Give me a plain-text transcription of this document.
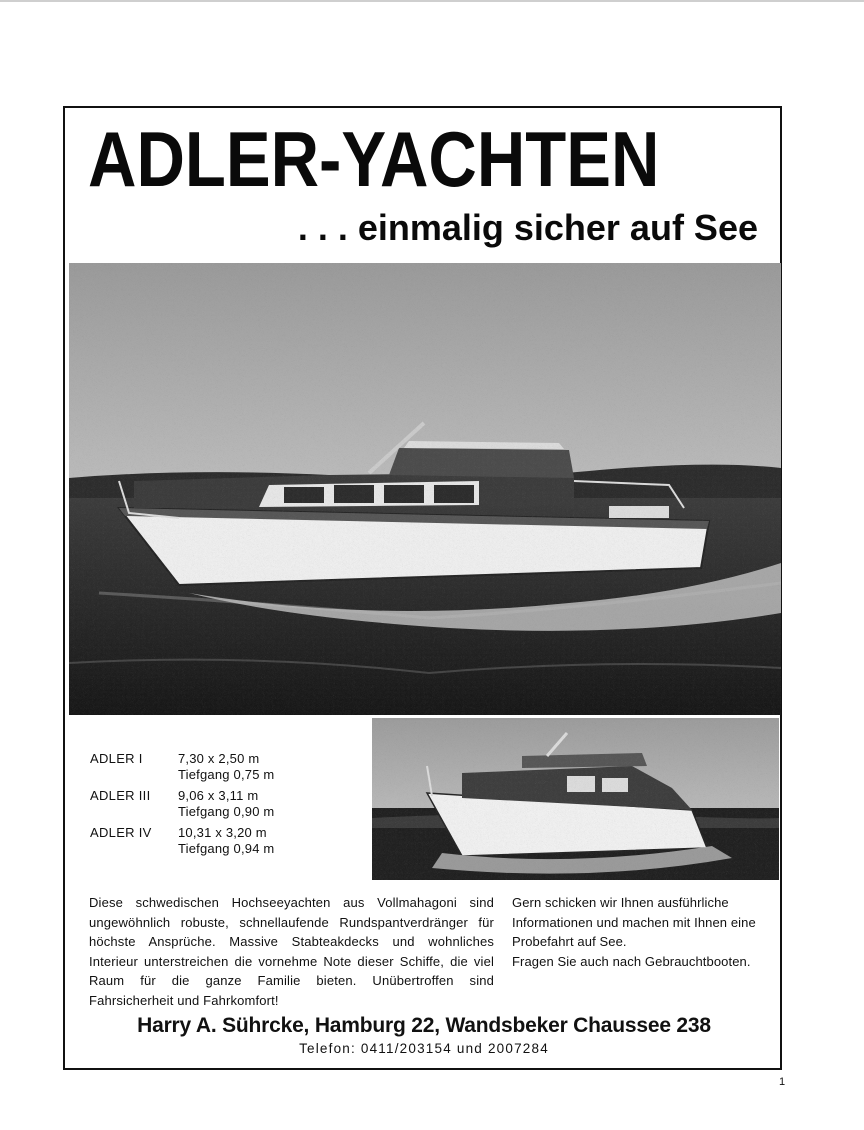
ADLER-YACHTEN
. . . einmalig sicher auf See
ADLER I	7,30 x 2,50 m
Tiefgang 0,75 m
ADLER III	9,06 x 3,11 m
Tiefgang 0,90 m
ADLER IV	10,31 x 3,20 m
Tiefgang 0,94 m

Diese schwedischen Hochseeyachten aus Vollmahagoni sind ungewöhnlich robuste, schnellaufende Rundspantverdränger für höchste Ansprüche. Massive Stabteakdecks und wohnliches Interieur unterstreichen die vornehme Note dieser Schiffe, die viel Raum für die ganze Familie bieten. Unübertroffen sind Fahrsicherheit und Fahrkomfort!

Gern schicken wir Ihnen ausführliche Informationen und machen mit Ihnen eine Probefahrt auf See.

Fragen Sie auch nach Gebrauchtbooten.

Harry A. Sührcke, Hamburg 22, Wandsbeker Chaussee 238

Telefon: 0411/203154 und 2007284

1
